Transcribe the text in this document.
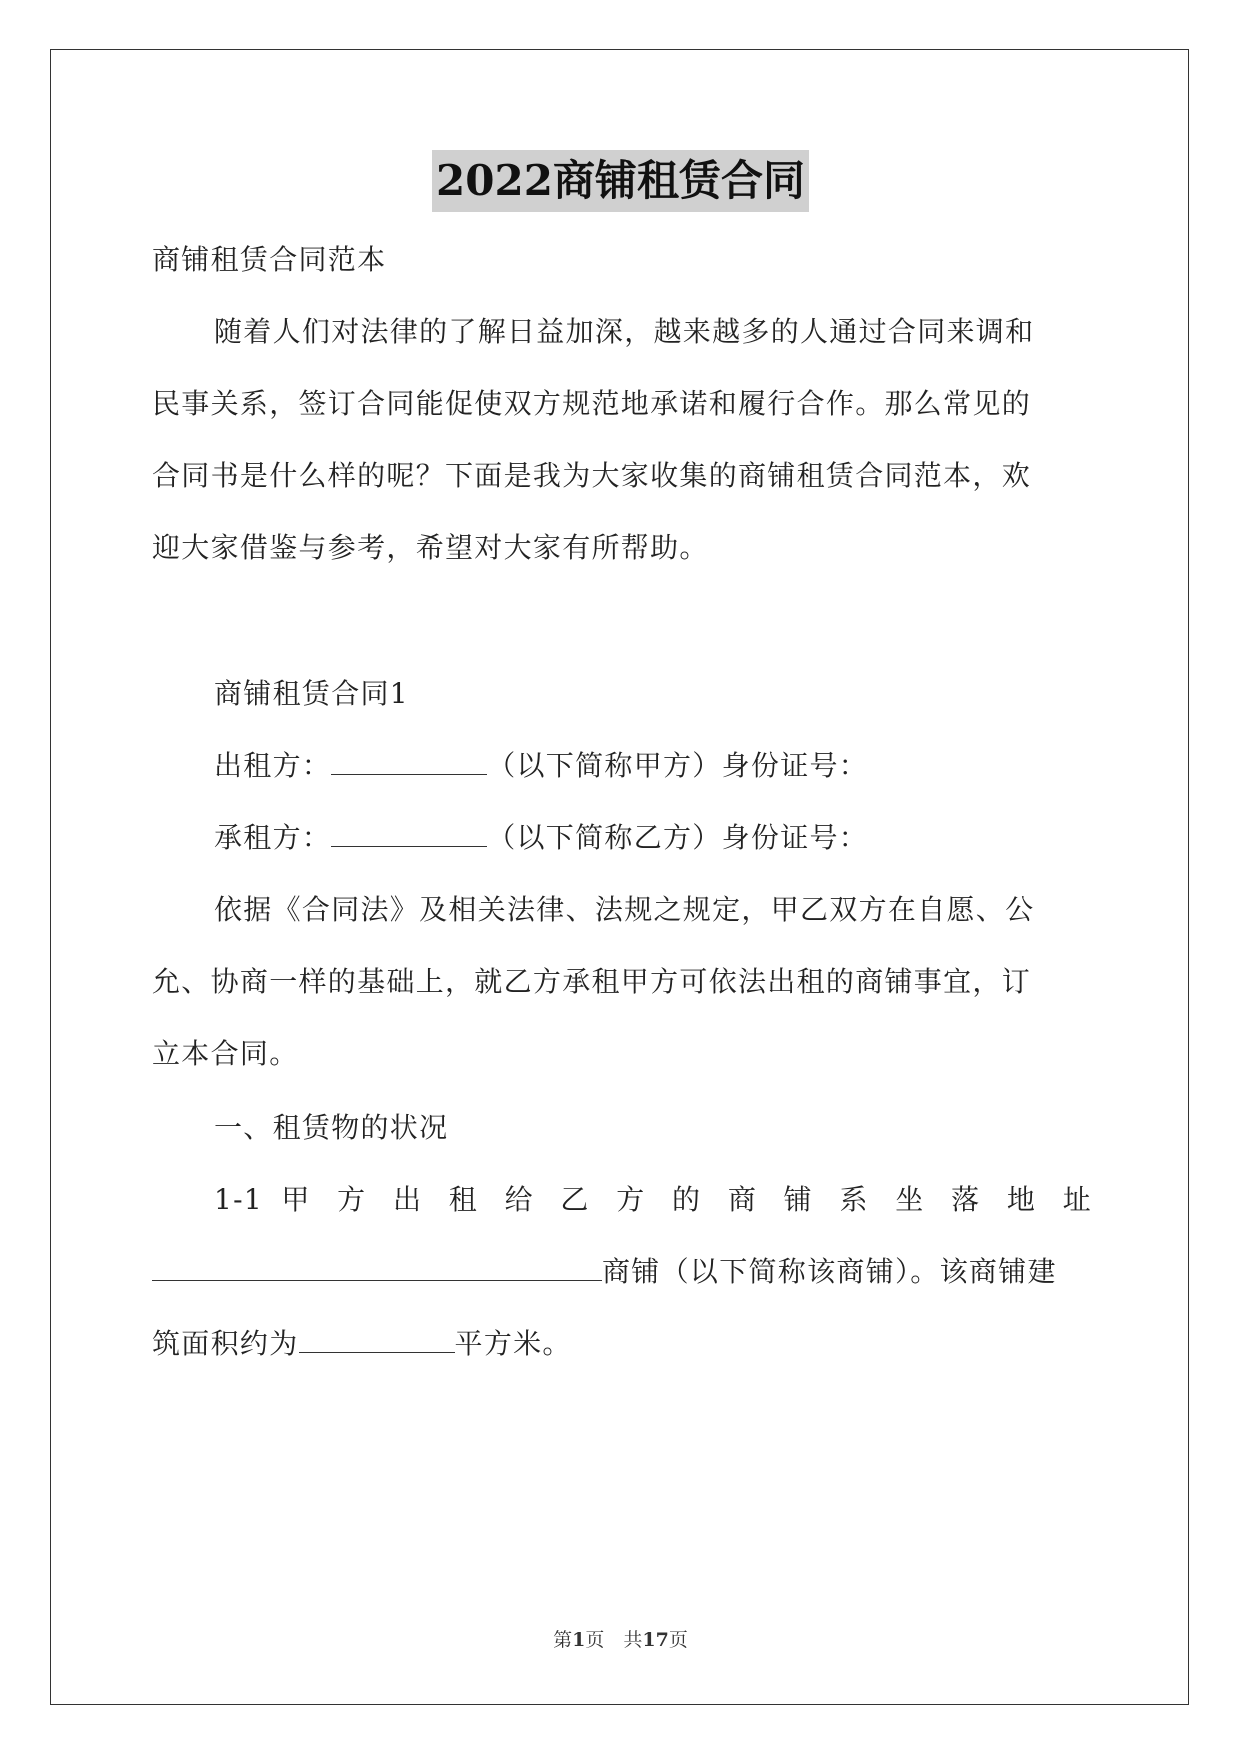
2022商铺租赁合同
商铺租赁合同范本
随着人们对法律的了解日益加深，越来越多的人通过合同来调和
民事关系，签订合同能促使双方规范地承诺和履行合作。那么常见的
合同书是什么样的呢？下面是我为大家收集的商铺租赁合同范本，欢
迎大家借鉴与参考，希望对大家有所帮助。
商铺租赁合同1
出租方：	（以下简称甲方）身份证号：
承租方：	（以下简称乙方）身份证号：
依据《合同法》及相关法律、法规之规定，甲乙双方在自愿、公
允、协商一样的基础上，就乙方承租甲方可依法出租的商铺事宜，订
立本合同。
一、租赁物的状况
1-1 甲 方 出 租 给 乙 方 的 商 铺 系 坐 落 地 址
商铺（以下简称该商铺）。该商铺建
筑面积约为	平方米。
第1页　共17页
